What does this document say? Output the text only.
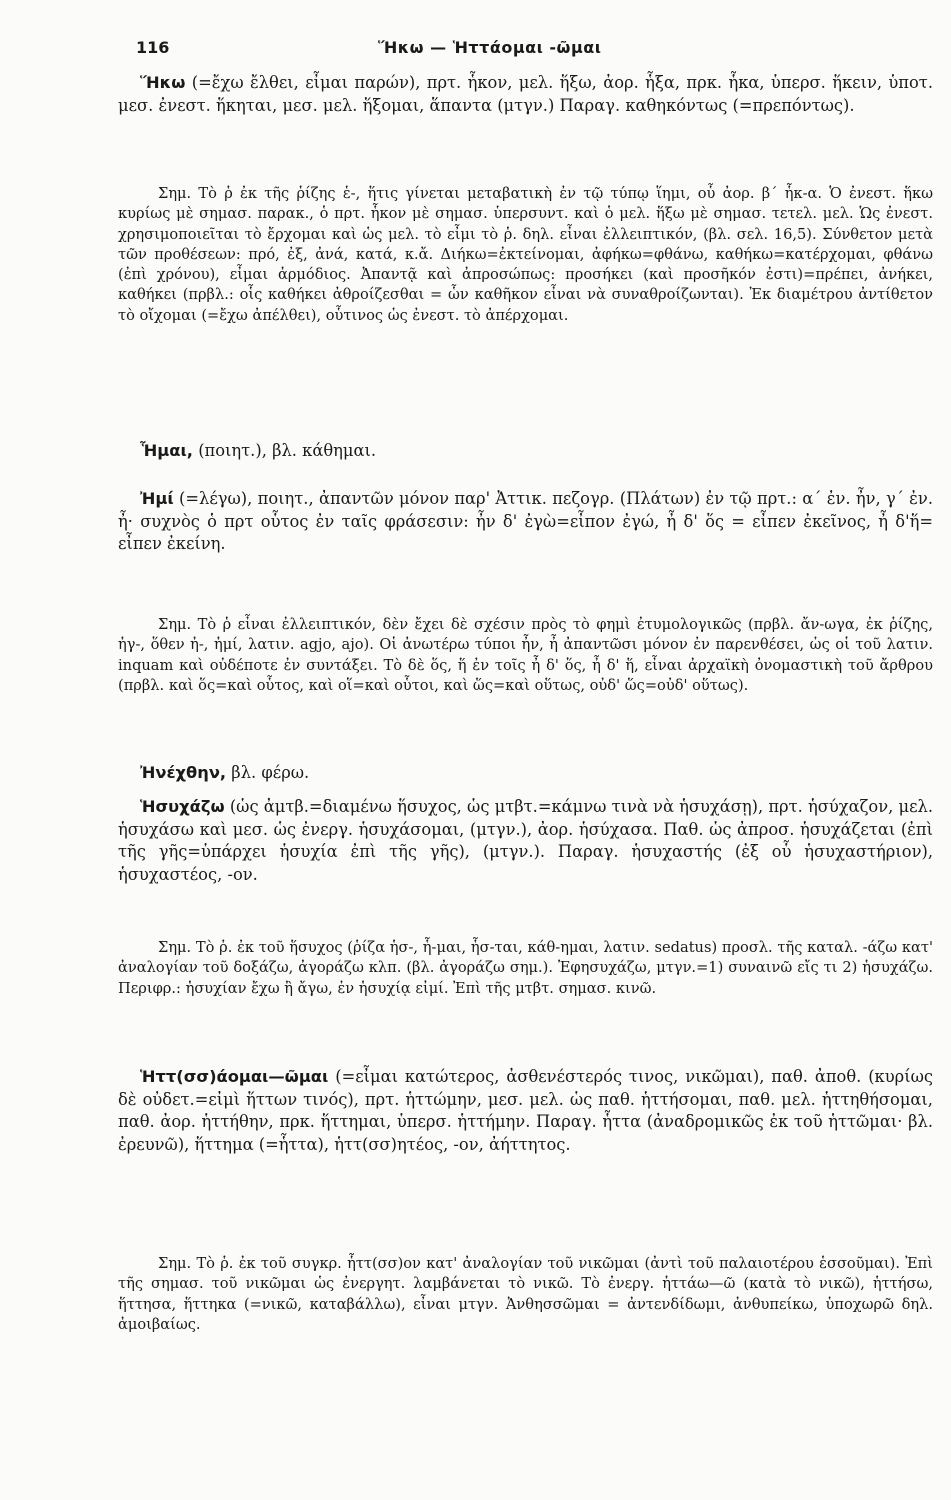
116	Ἥκω — Ἡττάομαι -ῶμαι

Ἥκω (=ἔχω ἔλθει, εἶμαι παρών), πρτ. ἧκον, μελ. ἥξω, ἀορ. ἧξα, πρκ. ἧκα, ὑπερσ. ἥκειν, ὑποτ. μεσ. ἐνεστ. ἥκηται, μεσ. μελ. ἥξομαι, ἅπαντα (μτγν.) Παραγ. καθηκόντως (=πρεπόντως).

Σημ. Τὸ ῥ ἐκ τῆς ῥίζης ἑ-, ἥτις γίνεται μεταβατικὴ ἐν τῷ τύπῳ ἵημι, οὗ ἀορ. β΄ ἧκ-α. Ὁ ἐνεστ. ἥκω κυρίως μὲ σημασ. παρακ., ὁ πρτ. ἧκον μὲ σημασ. ὑπερσυντ. καὶ ὁ μελ. ἥξω μὲ σημασ. τετελ. μελ. Ὡς ἐνεστ. χρησιμοποιεῖται τὸ ἔρχομαι καὶ ὡς μελ. τὸ εἶμι τὸ ῥ. δηλ. εἶναι ἐλλειπτικόν, (βλ. σελ. 16,5). Σύνθετον μετὰ τῶν προθέσεων: πρό, ἐξ, ἀνά, κατά, κ.ἄ. Διήκω=ἐκτείνομαι, ἀφήκω=φθάνω, καθήκω=κατέρχομαι, φθάνω (ἐπὶ χρόνου), εἶμαι ἁρμόδιος. Ἀπαντᾷ καὶ ἀπροσώπως: προσήκει (καὶ προσῆκόν ἐστι)=πρέπει, ἀνήκει, καθήκει (πρβλ.: οἷς καθήκει ἀθροίζεσθαι = ὧν καθῆκον εἶναι νὰ συναθροίζωνται). Ἐκ διαμέτρου ἀντίθετον τὸ οἴχομαι (=ἔχω ἀπέλθει), οὗτινος ὡς ἐνεστ. τὸ ἀπέρχομαι.

Ἧμαι, (ποιητ.), βλ. κάθημαι.

Ἠμί (=λέγω), ποιητ., ἀπαντῶν μόνον παρ' Ἀττικ. πεζογρ. (Πλάτων) ἐν τῷ πρτ.: α΄ ἐν. ἦν, γ΄ ἐν. ἦ· συχνὸς ὁ πρτ οὗτος ἐν ταῖς φράσεσιν: ἦν δ' ἐγὼ=εἶπον ἐγώ, ἦ δ' ὅς = εἶπεν ἐκεῖνος, ἦ δ'ἥ= εἶπεν ἐκείνη.

Σημ. Τὸ ῥ εἶναι ἐλλειπτικόν, δὲν ἔχει δὲ σχέσιν πρὸς τὸ φημὶ ἐτυμολογικῶς (πρβλ. ἄν-ωγα, ἐκ ῥίζης, ἠγ-, ὅθεν ἠ-, ἠμί, λατιν. agjo, ajo). Οἱ ἀνωτέρω τύποι ἦν, ἦ ἀπαντῶσι μόνον ἐν παρενθέσει, ὡς οἱ τοῦ λατιν. inquam καὶ οὐδέποτε ἐν συντάξει. Τὸ δὲ ὅς, ἥ ἐν τοῖς ἦ δ' ὅς, ἦ δ' ἥ, εἶναι ἀρχαϊκὴ ὀνομαστικὴ τοῦ ἄρθρου (πρβλ. καὶ ὅς=καὶ οὗτος, καὶ οἵ=καὶ οὗτοι, καὶ ὥς=καὶ οὕτως, οὐδ' ὥς=οὐδ' οὕτως).

Ἠνέχθην, βλ. φέρω.

Ἡσυχάζω (ὡς ἀμτβ.=διαμένω ἥσυχος, ὡς μτβτ.=κάμνω τινὰ νὰ ἡσυχάσῃ), πρτ. ἡσύχαζον, μελ. ἡσυχάσω καὶ μεσ. ὡς ἐνεργ. ἡσυχάσομαι, (μτγν.), ἀορ. ἡσύχασα. Παθ. ὡς ἀπροσ. ἡσυχάζεται (ἐπὶ τῆς γῆς=ὑπάρχει ἡσυχία ἐπὶ τῆς γῆς), (μτγν.). Παραγ. ἡσυχαστής (ἐξ οὗ ἡσυχαστήριον), ἡσυχαστέος, -ον.

Σημ. Τὸ ῥ. ἐκ τοῦ ἥσυχος (ῥίζα ἡσ-, ἧ-μαι, ἧσ-ται, κάθ-ημαι, λατιν. sedatus) προσλ. τῆς καταλ. -άζω κατ' ἀναλογίαν τοῦ δοξάζω, ἀγοράζω κλπ. (βλ. ἀγοράζω σημ.). Ἐφησυχάζω, μτγν.=1) συναινῶ εἴς τι 2) ἡσυχάζω. Περιφρ.: ἡσυχίαν ἔχω ἢ ἄγω, ἐν ἡσυχίᾳ εἰμί. Ἐπὶ τῆς μτβτ. σημασ. κινῶ.

Ἡττ(σσ)άομαι—ῶμαι (=εἶμαι κατώτερος, ἀσθενέστερός τινος, νικῶμαι), παθ. ἀποθ. (κυρίως δὲ οὐδετ.=εἰμὶ ἥττων τινός), πρτ. ἡττώμην, μεσ. μελ. ὡς παθ. ἡττήσομαι, παθ. μελ. ἡττηθήσομαι, παθ. ἀορ. ἡττήθην, πρκ. ἥττημαι, ὑπερσ. ἡττήμην. Παραγ. ἧττα (ἀναδρομικῶς ἐκ τοῦ ἡττῶμαι· βλ. ἐρευνῶ), ἥττημα (=ἧττα), ἡττ(σσ)ητέος, -ον, ἀήττητος.

Σημ. Τὸ ῥ. ἐκ τοῦ συγκρ. ἧττ(σσ)ον κατ' ἀναλογίαν τοῦ νικῶμαι (ἀντὶ τοῦ παλαιοτέρου ἑσσοῦμαι). Ἐπὶ τῆς σημασ. τοῦ νικῶμαι ὡς ἐνεργητ. λαμβάνεται τὸ νικῶ. Τὸ ἐνεργ. ἡττάω—ῶ (κατὰ τὸ νικῶ), ἡττήσω, ἥττησα, ἥττηκα (=νικῶ, καταβάλλω), εἶναι μτγν. Ἀνθησσῶμαι = ἀντενδίδωμι, ἀνθυπείκω, ὑποχωρῶ δηλ. ἀμοιβαίως.
